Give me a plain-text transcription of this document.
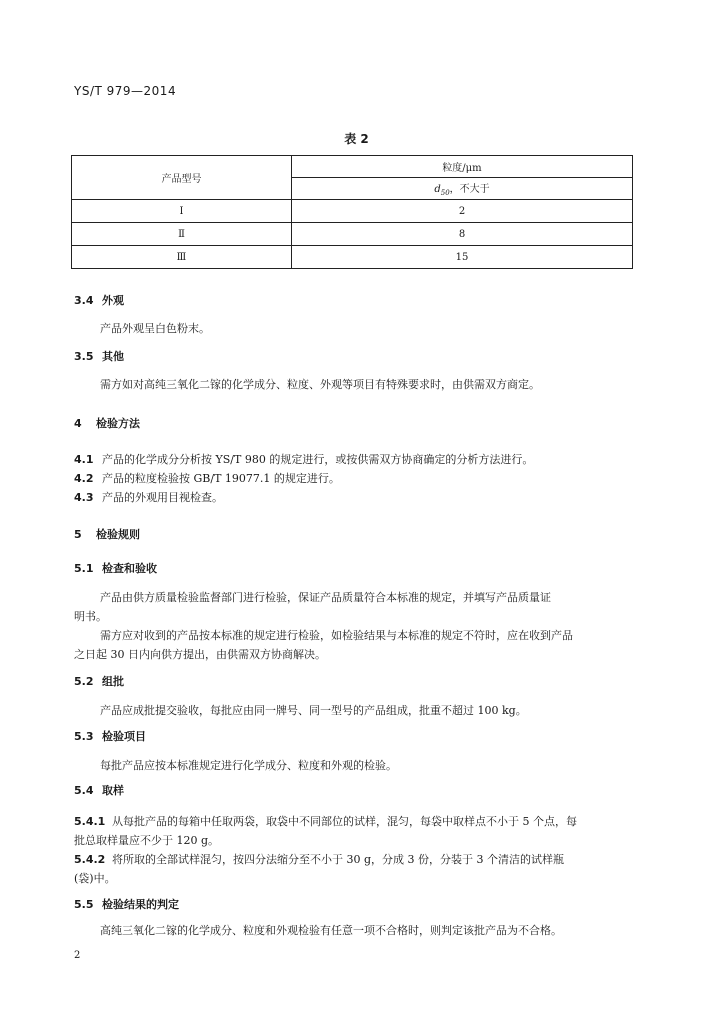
YS/T 979—2014
表 2
产品型号	粒度/μm
	$d_{50}$，不大于
Ⅰ	2
Ⅱ	8
Ⅲ	15
3.4 外观
产品外观呈白色粉末。
3.5 其他
需方如对高纯三氧化二镓的化学成分、粒度、外观等项目有特殊要求时，由供需双方商定。
4 检验方法
4.1 产品的化学成分分析按 YS/T 980 的规定进行，或按供需双方协商确定的分析方法进行。
4.2 产品的粒度检验按 GB/T 19077.1 的规定进行。
4.3 产品的外观用目视检查。
5 检验规则
5.1 检查和验收
产品由供方质量检验监督部门进行检验，保证产品质量符合本标准的规定，并填写产品质量证
明书。
需方应对收到的产品按本标准的规定进行检验，如检验结果与本标准的规定不符时，应在收到产品
之日起 30 日内向供方提出，由供需双方协商解决。
5.2 组批
产品应成批提交验收，每批应由同一牌号、同一型号的产品组成，批重不超过 100 kg。
5.3 检验项目
每批产品应按本标准规定进行化学成分、粒度和外观的检验。
5.4 取样
5.4.1 从每批产品的每箱中任取两袋，取袋中不同部位的试样，混匀，每袋中取样点不小于 5 个点，每
批总取样量应不少于 120 g。
5.4.2 将所取的全部试样混匀，按四分法缩分至不小于 30 g，分成 3 份，分装于 3 个清洁的试样瓶
(袋)中。
5.5 检验结果的判定
高纯三氧化二镓的化学成分、粒度和外观检验有任意一项不合格时，则判定该批产品为不合格。
2
